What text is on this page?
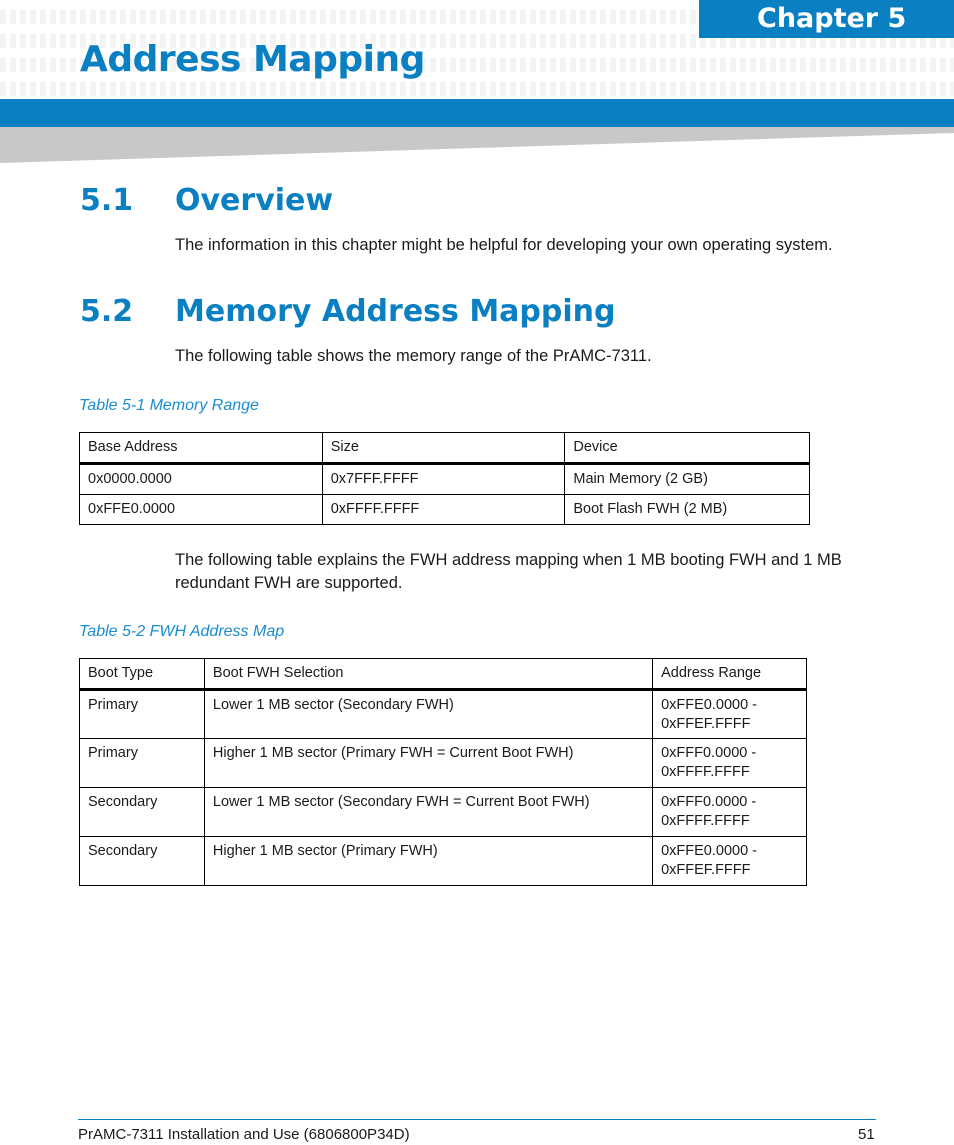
Chapter 5
Address Mapping
5.1 Overview

The information in this chapter might be helpful for developing your own operating system.

5.2 Memory Address Mapping

The following table shows the memory range of the PrAMC-7311.

Table 5-1 Memory Range

Base Address	Size	Device
0x0000.0000	0x7FFF.FFFF	Main Memory (2 GB)
0xFFE0.0000	0xFFFF.FFFF	Boot Flash FWH (2 MB)

The following table explains the FWH address mapping when 1 MB booting FWH and 1 MB
redundant FWH are supported.

Table 5-2 FWH Address Map

Boot Type	Boot FWH Selection	Address Range
Primary	Lower 1 MB sector (Secondary FWH)	0xFFE0.0000 -
0xFFEF.FFFF
Primary	Higher 1 MB sector (Primary FWH = Current Boot FWH)	0xFFF0.0000 -
0xFFFF.FFFF
Secondary	Lower 1 MB sector (Secondary FWH = Current Boot FWH)	0xFFF0.0000 -
0xFFFF.FFFF
Secondary	Higher 1 MB sector (Primary FWH)	0xFFE0.0000 -
0xFFEF.FFFF
PrAMC-7311 Installation and Use (6806800P34D)	51
